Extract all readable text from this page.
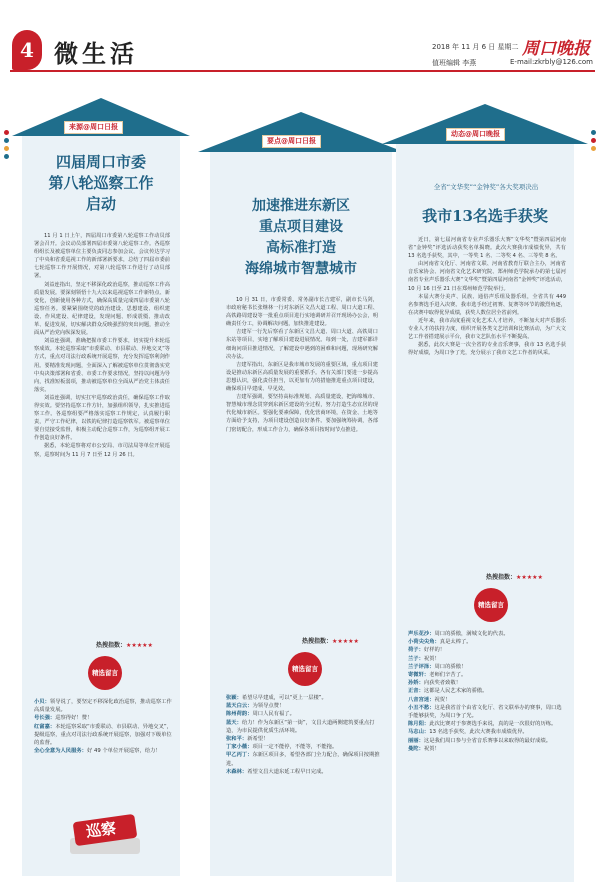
4 微生活	2018 年 11 月 6 日 星期二 周口晚报
值班编辑 李燕	E-mail:zkrbly@126.com
来源@周口日报
四届周口市委
第八轮巡察工作
启动

11 月 1 日上午，四届周口市委第八轮巡察工作动员部署会召开。会议动员部署四届市委第八轮巡察工作。各巡察组组长及被巡察单位主要负责同志参加会议。会议传达学习了中央和省委巡视工作的新部署新要求，总结了四届市委前七轮巡察工作开展情况，对第八轮巡察工作进行了动员部署。

刘益连指出，坚定不移深化政治巡察，推动巡察工作高质量发展。要深刻领悟十九大以来巡视巡察工作新特点、新变化，创新使用各种方式，确保高质量完成四届市委第八轮巡察任务。要紧紧围绕党的政治建设、思想建设、组织建设、作风建设、纪律建设，发现问题、形成震慑、推动改革、促进发展，切实解决群众反映强烈的突出问题，推动全面从严治党向纵深发展。

刘益连强调，准确把握市委工作要求，切实提升本轮巡察成效。本轮巡察采取“市委联动、市县联动、异地交叉”等方式，重点对司法行政系统开展巡察，充分发挥巡察利剑作用。要精准发现问题，全面深入了解被巡察单位贯彻落实党中央决策部署和省委、市委工作要求情况，坚持以问题为导向，找准短板弱项，推动被巡察单位全面从严治党主体责任落实。

刘益连强调，切实扛牢巡察政治责任，确保巡察工作取得实效。要坚持巡察工作方针，加强组织领导，扎实推进巡察工作。各巡察组要严格落实巡察工作规定，认真履行职责，严守工作纪律，以铁的纪律打造巡察铁军。被巡察单位要自觉接受监督，积极主动配合巡察工作，为巡察组开展工作创造良好条件。

据悉，本轮巡察将对市公安局、市司法局等单位开展巡察，巡察时间为 11 月 7 日至 12 月 26 日。

热搜指数：★★★★★
精选留言

小贝：领导说了，要坚定不移深化政治巡察，推动巡察工作高质量发展。

号长强：巡察得好！赞！

红富嘉：本轮巡察采取“市委联动、市县联动、异地交叉”，提级巡察，重点对司法行政系统开展巡察，加强对下级单位的监督。

全心全意为人民服务：好 49 个单位开展巡察，给力！

巡察
要点@周口日报
加速推进东新区
重点项目建设
高标准打造
海绵城市智慧城市

10 月 31 日，市委常委、常务副市长吉建军，副市长马剑，市政府秘书长张继林一行对东新区文昌大道工程、周口大道工程、高铁路周建设等一批重点项目进行实地调研并召开现场办公会，明确责任分工，协调解决问题，加快推进建设。

吉建军一行先后察看了东新区文昌大道、周口大道、高铁周口东站等项目，实地了解项目建设进展情况。每到一处，吉建军都详细询问项目推进情况，了解建设中遇到的困难和问题，现场研究解决办法。

吉建军指出，东新区是我市城市发展的重要区域，重点项目建设是推动东新区高质量发展的重要抓手。各有关部门要进一步提高思想认识，强化责任担当，以更加有力的措施推进重点项目建设，确保项目早建成、早见效。

吉建军强调，要坚持高标准规划、高质量建设，把海绵城市、智慧城市理念贯穿到东新区建设的全过程，努力打造生态宜居的现代化城市新区。要强化要素保障，优化营商环境，在资金、土地等方面给予支持，为项目建设创造良好条件。要加强统筹协调，各部门密切配合，形成工作合力，确保各项目按时间节点推进。

热搜指数：★★★★★
精选留言

张颖：希望尽早建成，可以“更上一层楼”。

蓝天白云：为领导点赞！

陈州荷韵：周口人民有福了。

蓝天：给力！作为东新区“第一街”，文昌大道两侧建筑要重点打造，为市民提供优质生活环境。

张和平：新希望！

丁家小薇：项目一定不能停，不能等，不能拖。

甲乙丙丁：东新区项目多，希望各部门全力配合，确保项目按期推进。

木森林：希望文昌大道东延工程早日完成。

动态@周口晚报
全省“文华奖”“金钟奖”各大奖项决出
我市13名选手获奖

近日，第七届河南省专业声乐器乐大赛“文华奖”暨第四届河南省“金钟奖”评选活动获奖名单揭晓。此次大赛我市成绩优异，共有 13 名选手获奖，其中，一等奖 1 名、二等奖 4 名、三等奖 8 名。

由河南省文化厅、河南省文联、河南省教育厅联合主办，河南省音乐家协会、河南省文化艺术研究院、郑州师范学院承办的第七届河南省专业声乐器乐大赛“文华奖”暨第四届河南省“金钟奖”评选活动，10 月 16 日至 21 日在郑州师范学院举行。

本届大赛分美声、民族、通俗声乐组及器乐组，全省共有 449 名参赛选手进入决赛。我市选手经过初赛、复赛等环节的激烈角逐，在决赛中取得优异成绩，获奖人数位居全省前列。

近年来，我市高度重视文化艺术人才培养，不断加大对声乐器乐专业人才的扶持力度，组织开展各类文艺培训和比赛活动，为广大文艺工作者搭建展示平台，我市文艺队伍水平不断提高。

据悉，此次大赛是一次全省的专业音乐赛事，我市 13 名选手获得好成绩，为周口争了光，充分展示了我市文艺工作者的风采。

热搜指数：★★★★★
精选留言

声乐花沙：周口的骄傲，满城文化的代表。

小荷尖尖角：真是太棒了。

荷子：好样的！

兰子：祝贺！

兰子评泽：周口的骄傲！

寄微轩：老师们辛苦了。

孙娇：向获奖者致敬！

正音：这都是人民艺术家的骄傲。

八音宫迷：祝贺！

小丑不愁：这是我省首个由省文化厅、省文联举办的赛事，周口选手能够获奖，为周口争了光。

陈月阳：此次比赛对于参赛选手来说，真的是一次很好的历练。

马志山：13 名选手获奖，此次大赛我市成绩优异。

丽丽：这是我们周口参与全省音乐赛事以来取得的最好成绩。

曼陀：祝贺！
